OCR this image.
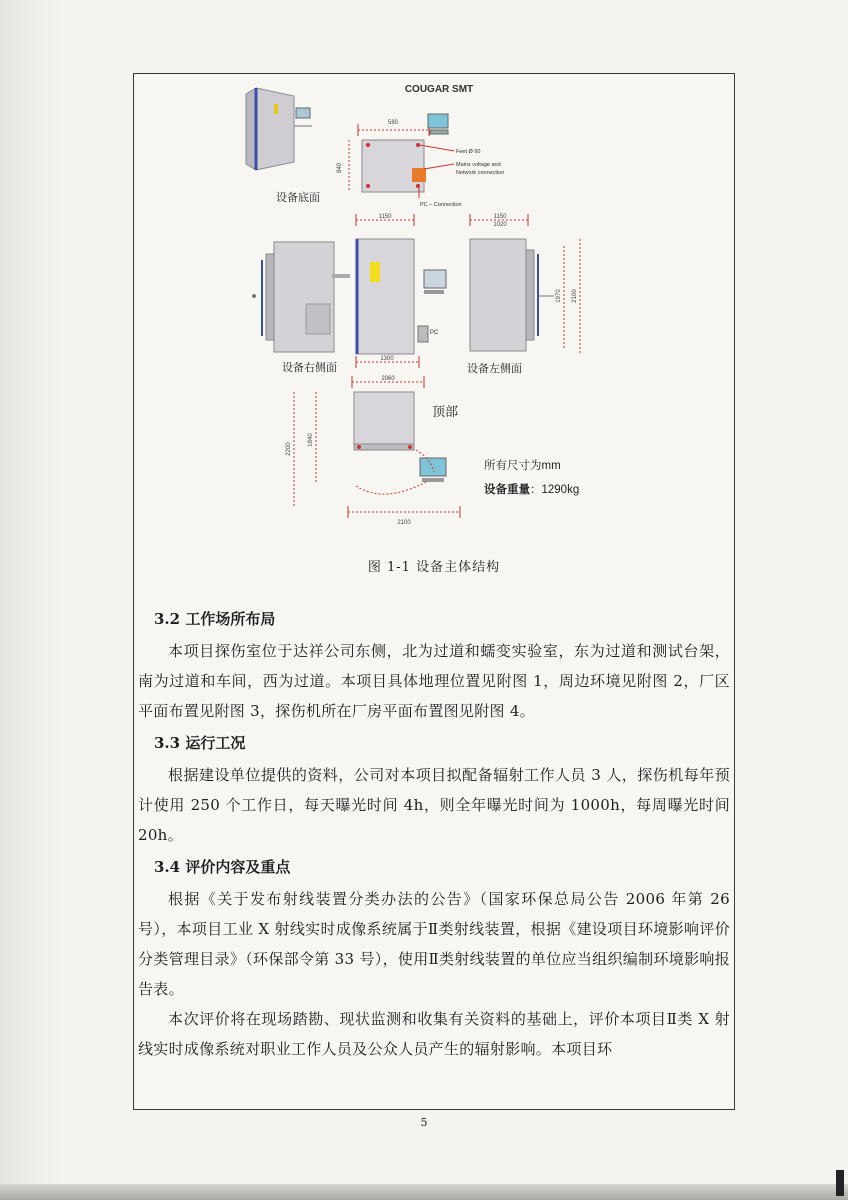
COUGAR SMT
580
840
Feet Ø 60
Mains voltage and
Network connection
PC – Connection
设备底面
1150
PC
1300
设备右侧面
1150
1020
1970 2100
设备左侧面
2060
2200
1840
2100
顶部
所有尺寸为mm
设备重量：1290kg
图 1-1 设备主体结构

3.2 工作场所布局

本项目探伤室位于达祥公司东侧，北为过道和蠕变实验室，东为过道和测试台架，南为过道和车间，西为过道。本项目具体地理位置见附图 1，周边环境见附图 2，厂区平面布置见附图 3，探伤机所在厂房平面布置图见附图 4。

3.3 运行工况

根据建设单位提供的资料，公司对本项目拟配备辐射工作人员 3 人，探伤机每年预计使用 250 个工作日，每天曝光时间 4h，则全年曝光时间为 1000h，每周曝光时间 20h。

3.4 评价内容及重点

根据《关于发布射线装置分类办法的公告》（国家环保总局公告 2006 年第 26 号），本项目工业 X 射线实时成像系统属于Ⅱ类射线装置，根据《建设项目环境影响评价分类管理目录》（环保部令第 33 号），使用Ⅱ类射线装置的单位应当组织编制环境影响报告表。

本次评价将在现场踏勘、现状监测和收集有关资料的基础上，评价本项目Ⅱ类 X 射线实时成像系统对职业工作人员及公众人员产生的辐射影响。本项目环

5
